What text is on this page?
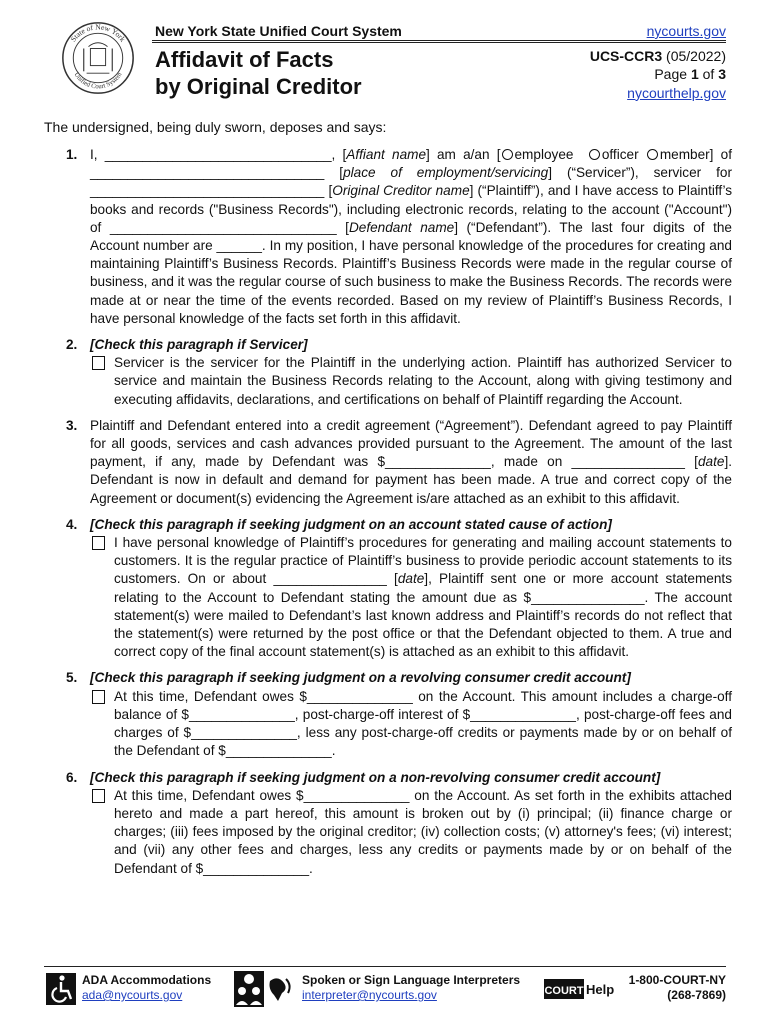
State of New York
Unified Court System
New York State Unified Court System
Affidavit of Facts
by Original Creditor
nycourts.gov
UCS-CCR3 (05/2022)
Page 1 of 3
nycourthelp.gov
The undersigned, being duly sworn, deposes and says:
1. I, ______________________________, [Affiant name] am a/an [ employee officer member] of _______________________________ [place of employment/servicing] (“Servicer”), servicer for _______________________________ [Original Creditor name] (“Plaintiff”), and I have access to Plaintiff’s books and records ("Business Records"), including electronic records, relating to the account ("Account") of ______________________________ [Defendant name] (“Defendant”). The last four digits of the Account number are ______. In my position, I have personal knowledge of the procedures for creating and maintaining Plaintiff’s Business Records. Plaintiff’s Business Records were made in the regular course of business, and it was the regular course of such business to make the Business Records. The records were made at or near the time of the events recorded. Based on my review of Plaintiff’s Business Records, I have personal knowledge of the facts set forth in this affidavit.
2. [Check this paragraph if Servicer]
Servicer is the servicer for the Plaintiff in the underlying action. Plaintiff has authorized Servicer to service and maintain the Business Records relating to the Account, along with giving testimony and executing affidavits, declarations, and certifications on behalf of Plaintiff regarding the Account.
3. Plaintiff and Defendant entered into a credit agreement (“Agreement”). Defendant agreed to pay Plaintiff for all goods, services and cash advances provided pursuant to the Agreement. The amount of the last payment, if any, made by Defendant was $______________, made on _______________ [date]. Defendant is now in default and demand for payment has been made. A true and correct copy of the Agreement or document(s) evidencing the Agreement is/are attached as an exhibit to this affidavit.
4. [Check this paragraph if seeking judgment on an account stated cause of action]
I have personal knowledge of Plaintiff’s procedures for generating and mailing account statements to customers. It is the regular practice of Plaintiff’s business to provide periodic account statements to its customers. On or about _______________ [date], Plaintiff sent one or more account statements relating to the Account to Defendant stating the amount due as $_______________. The account statement(s) were mailed to Defendant’s last known address and Plaintiff’s records do not reflect that the statement(s) were returned by the post office or that the Defendant objected to them. A true and correct copy of the final account statement(s) is attached as an exhibit to this affidavit.
5. [Check this paragraph if seeking judgment on a revolving consumer credit account]
At this time, Defendant owes $______________ on the Account. This amount includes a charge-off balance of $______________, post-charge-off interest of $______________, post-charge-off fees and charges of $______________, less any post-charge-off credits or payments made by or on behalf of the Defendant of $______________.
6. [Check this paragraph if seeking judgment on a non-revolving consumer credit account]
At this time, Defendant owes $______________ on the Account. As set forth in the exhibits attached hereto and made a part hereof, this amount is broken out by (i) principal; (ii) finance charge or charges; (iii) fees imposed by the original creditor; (iv) collection costs; (v) attorney's fees; (vi) interest; and (vii) any other fees and charges, less any credits or payments made by or on behalf of the Defendant of $______________.
ADA Accommodations
ada@nycourts.gov
Spoken or Sign Language Interpreters
interpreter@nycourts.gov	COURT Help
1-800-COURT-NY
(268-7869)
